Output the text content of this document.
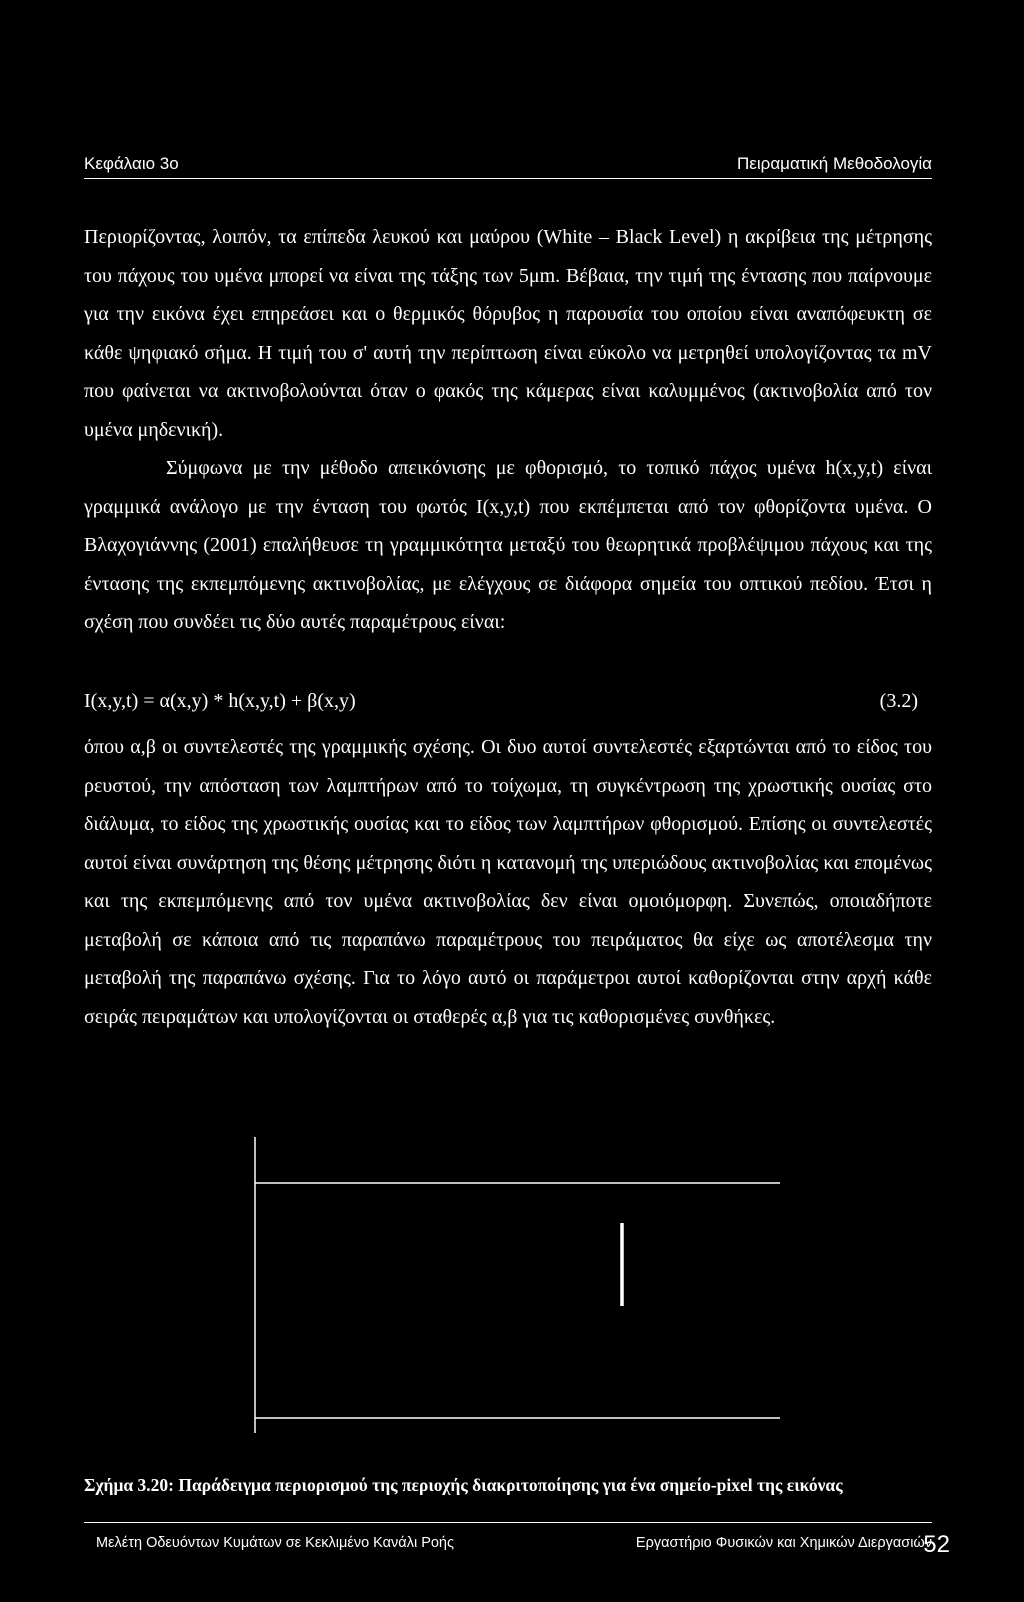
Κεφάλαιο 3ο	Πειραματική Μεθοδολογία

Περιορίζοντας, λοιπόν, τα επίπεδα λευκού και μαύρου (White – Black Level) η ακρίβεια της μέτρησης του πάχους του υμένα μπορεί να είναι της τάξης των 5μm. Βέβαια, την τιμή της έντασης που παίρνουμε για την εικόνα έχει επηρεάσει και ο θερμικός θόρυβος η παρουσία του οποίου είναι αναπόφευκτη σε κάθε ψηφιακό σήμα. Η τιμή του σ' αυτή την περίπτωση είναι εύκολο να μετρηθεί υπολογίζοντας τα mV που φαίνεται να ακτινοβολούνται όταν ο φακός της κάμερας είναι καλυμμένος (ακτινοβολία από τον υμένα μηδενική).

Σύμφωνα με την μέθοδο απεικόνισης με φθορισμό, το τοπικό πάχος υμένα h(x,y,t) είναι γραμμικά ανάλογο με την ένταση του φωτός I(x,y,t) που εκπέμπεται από τον φθορίζοντα υμένα. Ο Βλαχογιάννης (2001) επαλήθευσε τη γραμμικότητα μεταξύ του θεωρητικά προβλέψιμου πάχους και της έντασης της εκπεμπόμενης ακτινοβολίας, με ελέγχους σε διάφορα σημεία του οπτικού πεδίου. Έτσι η σχέση που συνδέει τις δύο αυτές παραμέτρους είναι:

I(x,y,t) = α(x,y) * h(x,y,t) + β(x,y)	(3.2)

όπου α,β οι συντελεστές της γραμμικής σχέσης. Οι δυο αυτοί συντελεστές εξαρτώνται από το είδος του ρευστού, την απόσταση των λαμπτήρων από το τοίχωμα, τη συγκέντρωση της χρωστικής ουσίας στο διάλυμα, το είδος της χρωστικής ουσίας και το είδος των λαμπτήρων φθορισμού. Επίσης οι συντελεστές αυτοί είναι συνάρτηση της θέσης μέτρησης διότι η κατανομή της υπεριώδους ακτινοβολίας και επομένως και της εκπεμπόμενης από τον υμένα ακτινοβολίας δεν είναι ομοιόμορφη. Συνεπώς, οποιαδήποτε μεταβολή σε κάποια από τις παραπάνω παραμέτρους του πειράματος θα είχε ως αποτέλεσμα την μεταβολή της παραπάνω σχέσης. Για το λόγο αυτό οι παράμετροι αυτοί καθορίζονται στην αρχή κάθε σειράς πειραμάτων και υπολογίζονται οι σταθερές α,β για τις καθορισμένες συνθήκες.

Σχήμα 3.20: Παράδειγμα περιορισμού της περιοχής διακριτοποίησης για ένα σημείο-pixel της εικόνας
Μελέτη Οδευόντων Κυμάτων σε Κεκλιμένο Κανάλι Ροής	Εργαστήριο Φυσικών και Χημικών Διεργασιών
52
